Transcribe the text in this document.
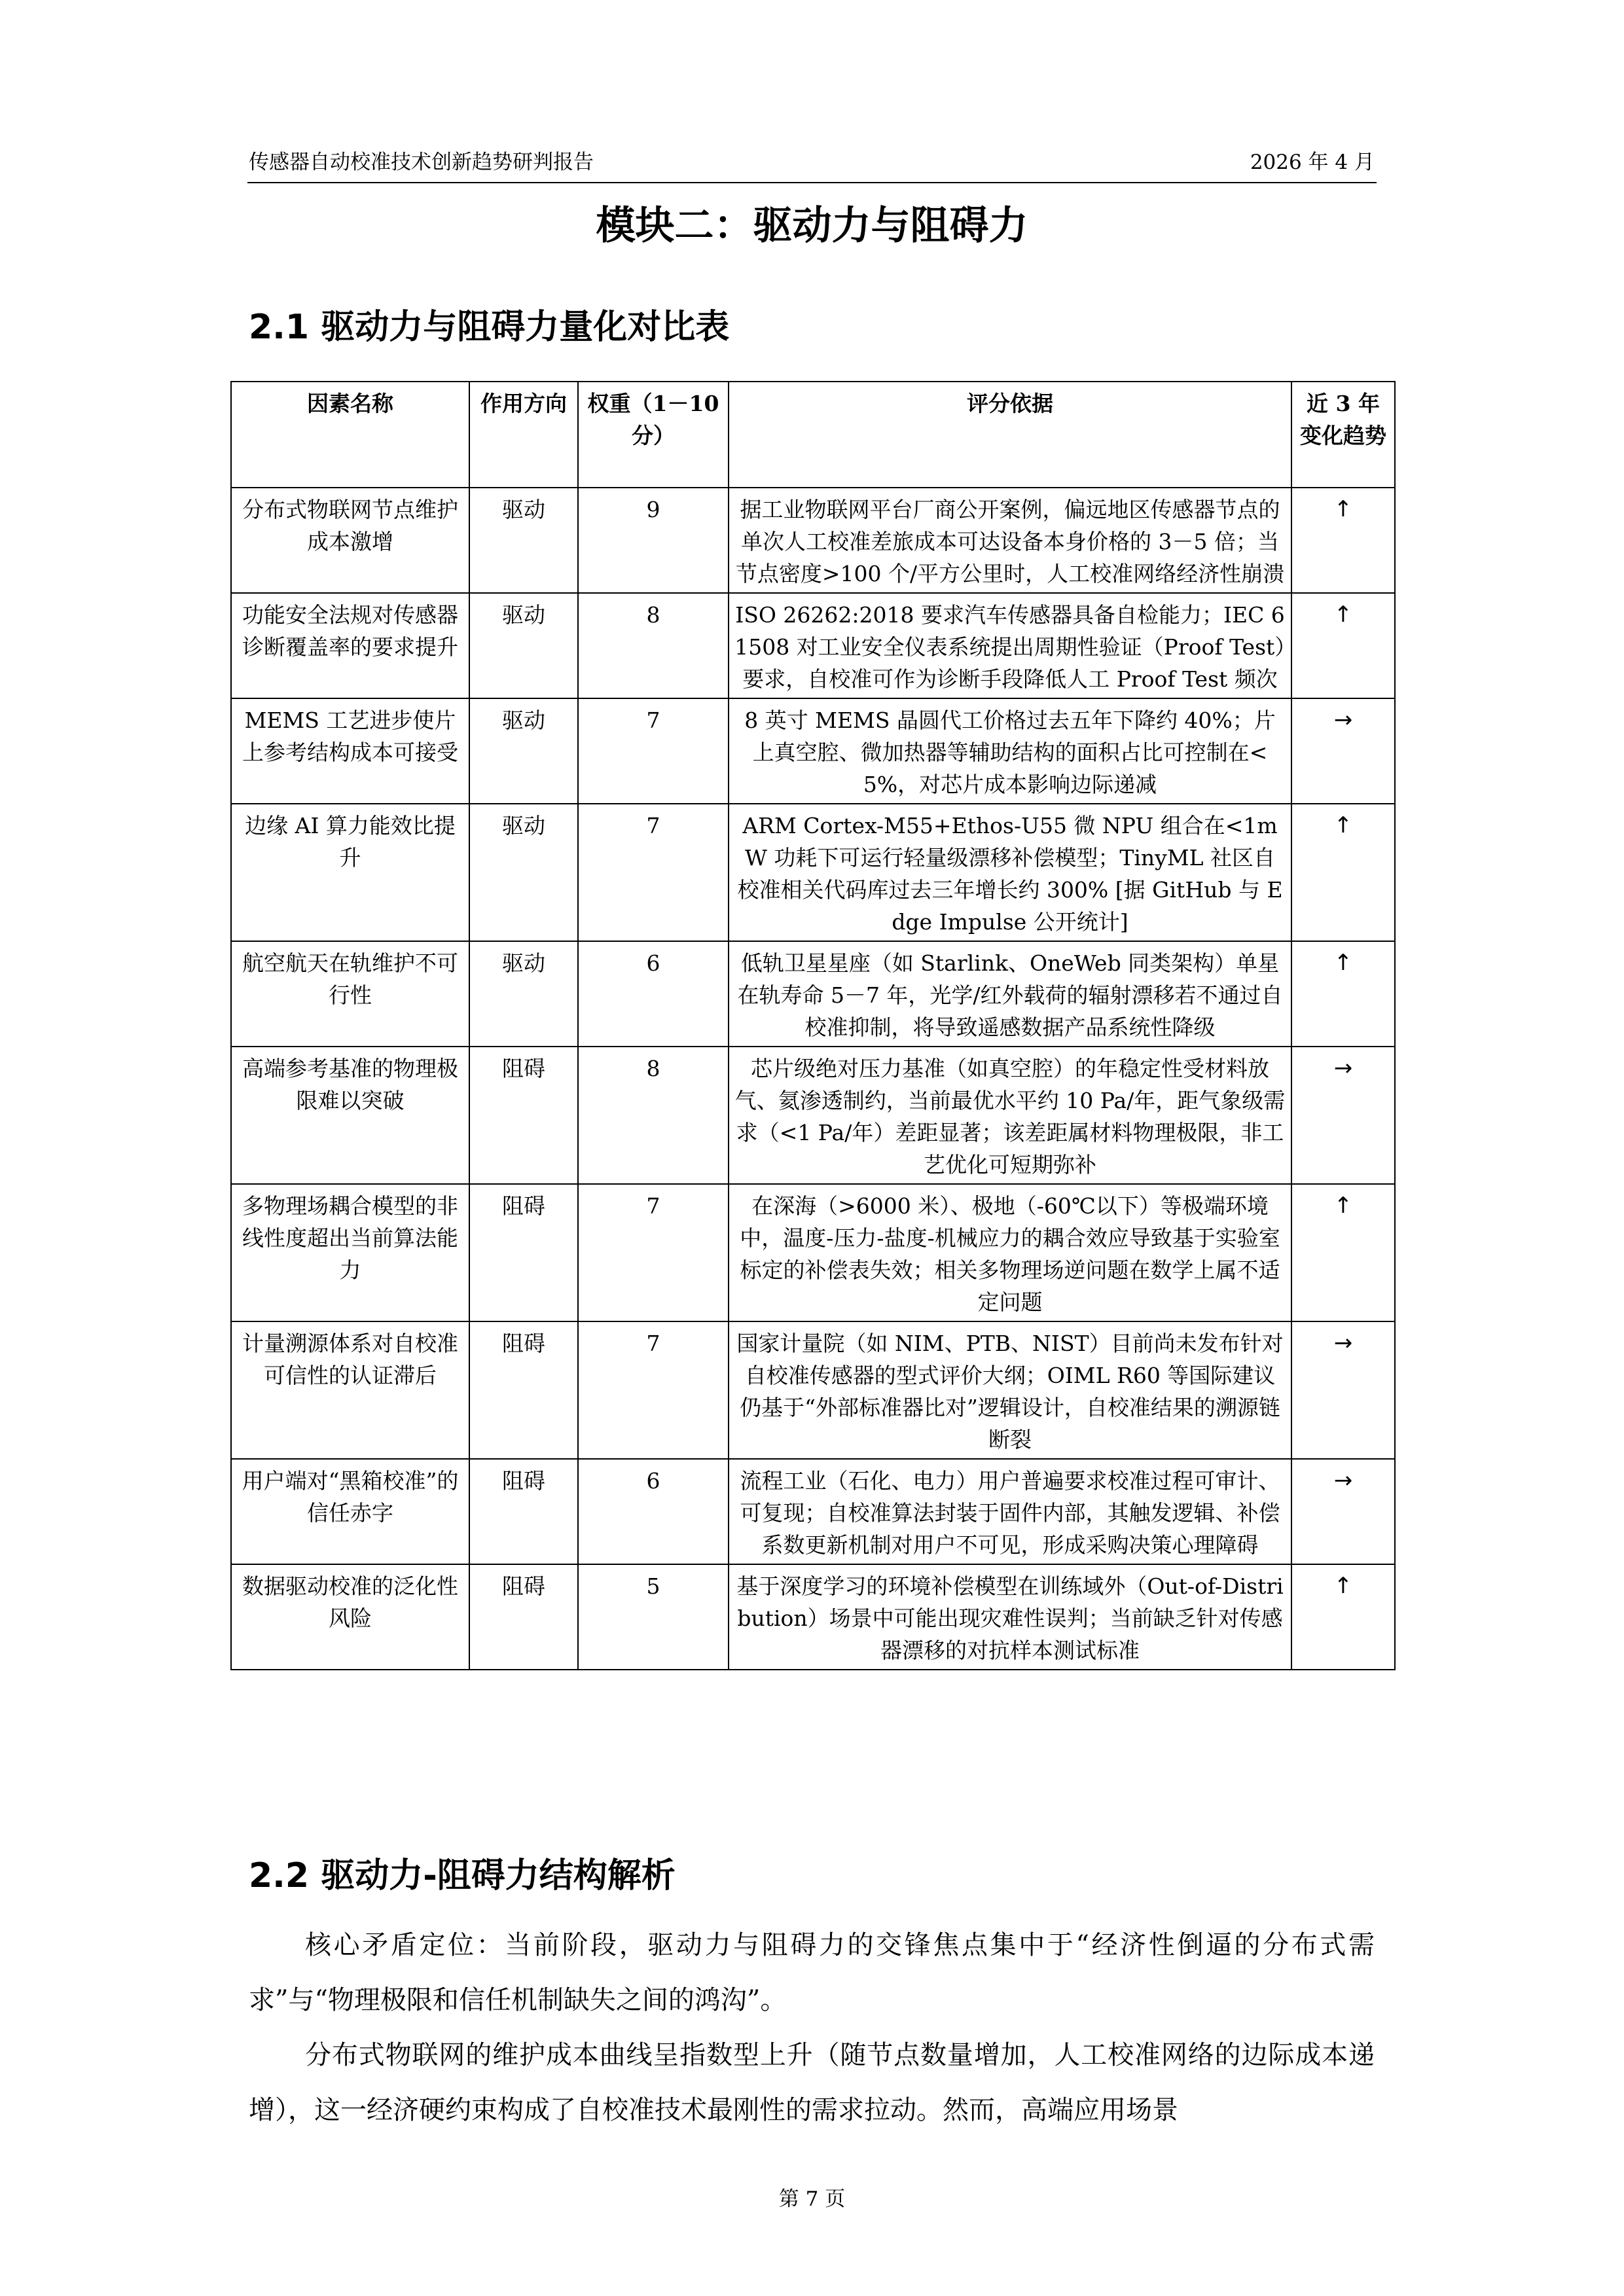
传感器自动校准技术创新趋势研判报告	2026 年 4 月
模块二：驱动力与阻碍力
2.1 驱动力与阻碍力量化对比表
因素名称	作用方向	权重（1－10分）	评分依据	近 3 年变化趋势
分布式物联网节点维护成本激增	驱动	9	据工业物联网平台厂商公开案例，偏远地区传感器节点的单次人工校准差旅成本可达设备本身价格的 3－5 倍；当节点密度>100 个/平方公里时，人工校准网络经济性崩溃	↑
功能安全法规对传感器诊断覆盖率的要求提升	驱动	8	ISO 26262:2018 要求汽车传感器具备自检能力；IEC 61508 对工业安全仪表系统提出周期性验证（Proof Test）要求，自校准可作为诊断手段降低人工 Proof Test 频次	↑
MEMS 工艺进步使片上参考结构成本可接受	驱动	7	8 英寸 MEMS 晶圆代工价格过去五年下降约 40%；片上真空腔、微加热器等辅助结构的面积占比可控制在<5%，对芯片成本影响边际递减	→
边缘 AI 算力能效比提升	驱动	7	ARM Cortex-M55+Ethos-U55 微 NPU 组合在<1mW 功耗下可运行轻量级漂移补偿模型；TinyML 社区自校准相关代码库过去三年增长约 300% [据 GitHub 与 Edge Impulse 公开统计]	↑
航空航天在轨维护不可行性	驱动	6	低轨卫星星座（如 Starlink、OneWeb 同类架构）单星在轨寿命 5－7 年，光学/红外载荷的辐射漂移若不通过自校准抑制，将导致遥感数据产品系统性降级	↑
高端参考基准的物理极限难以突破	阻碍	8	芯片级绝对压力基准（如真空腔）的年稳定性受材料放气、氦渗透制约，当前最优水平约 10 Pa/年，距气象级需求（<1 Pa/年）差距显著；该差距属材料物理极限，非工艺优化可短期弥补	→
多物理场耦合模型的非线性度超出当前算法能力	阻碍	7	在深海（>6000 米）、极地（-60℃以下）等极端环境中，温度-压力-盐度-机械应力的耦合效应导致基于实验室标定的补偿表失效；相关多物理场逆问题在数学上属不适定问题	↑
计量溯源体系对自校准可信性的认证滞后	阻碍	7	国家计量院（如 NIM、PTB、NIST）目前尚未发布针对自校准传感器的型式评价大纲；OIML R60 等国际建议仍基于“外部标准器比对”逻辑设计，自校准结果的溯源链断裂	→
用户端对“黑箱校准”的信任赤字	阻碍	6	流程工业（石化、电力）用户普遍要求校准过程可审计、可复现；自校准算法封装于固件内部，其触发逻辑、补偿系数更新机制对用户不可见，形成采购决策心理障碍	→
数据驱动校准的泛化性风险	阻碍	5	基于深度学习的环境补偿模型在训练域外（Out-of-Distribution）场景中可能出现灾难性误判；当前缺乏针对传感器漂移的对抗样本测试标准	↑
2.2 驱动力-阻碍力结构解析

核心矛盾定位：当前阶段，驱动力与阻碍力的交锋焦点集中于“经济性倒逼的分布式需求”与“物理极限和信任机制缺失之间的鸿沟”。

分布式物联网的维护成本曲线呈指数型上升（随节点数量增加，人工校准网络的边际成本递增），这一经济硬约束构成了自校准技术最刚性的需求拉动。然而，高端应用场景

第 7 页
